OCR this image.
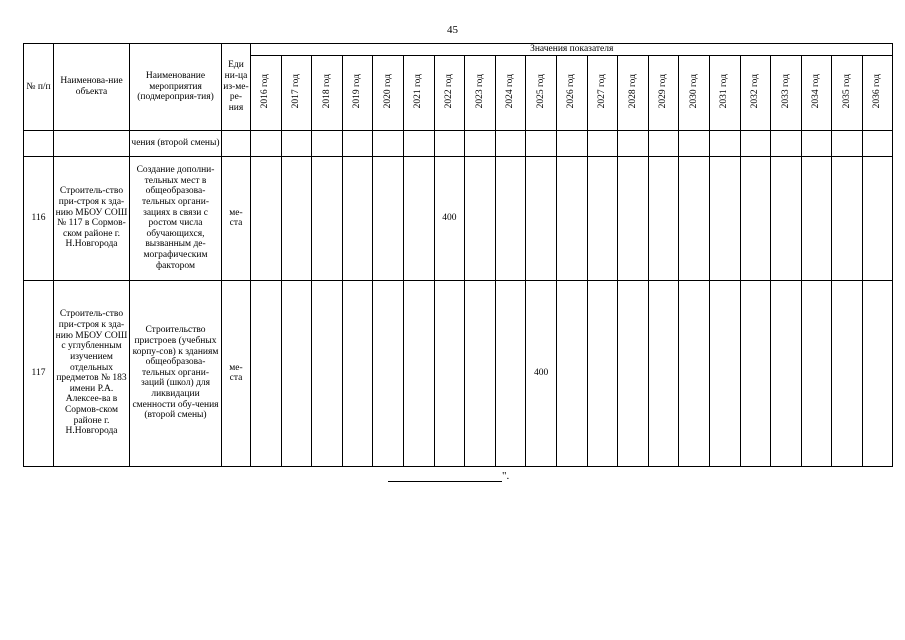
45
№ п/п	Наименова-ние объекта	Наименование мероприятия (подмероприя-тия)	Еди ни-ца из-ме-ре-ния	Значения показателя																				
				2016 год	2017 год	2018 год	2019 год	2020 год	2021 год	2022 год	2023 год	2024 год	2025 год	2026 год	2027 год	2028 год	2029 год	2030 год	2031 год	2032 год	2033 год	2034 год	2035 год	2036 год
		чения (второй смены)																						
116	Строитель-ство при-строя к зда-нию МБОУ СОШ № 117 в Сормов-ском районе г. Н.Новгорода	Создание дополни-тельных мест в общеобразова-тельных органи-зациях в связи с ростом числа обучающихся, вызванным де-мографическим фактором	ме-ста							400														
117	Строитель-ство при-строя к зда-нию МБОУ СОШ с углубленным изучением отдельных предметов № 183 имени Р.А. Алексее-ва в Сормов-ском районе г. Н.Новгорода	Строительство пристроев (учебных корпу-сов) к зданиям общеобразова-тельных органи-заций (школ) для ликвидации сменности обу-чения (второй смены)	ме-ста										400											
".
